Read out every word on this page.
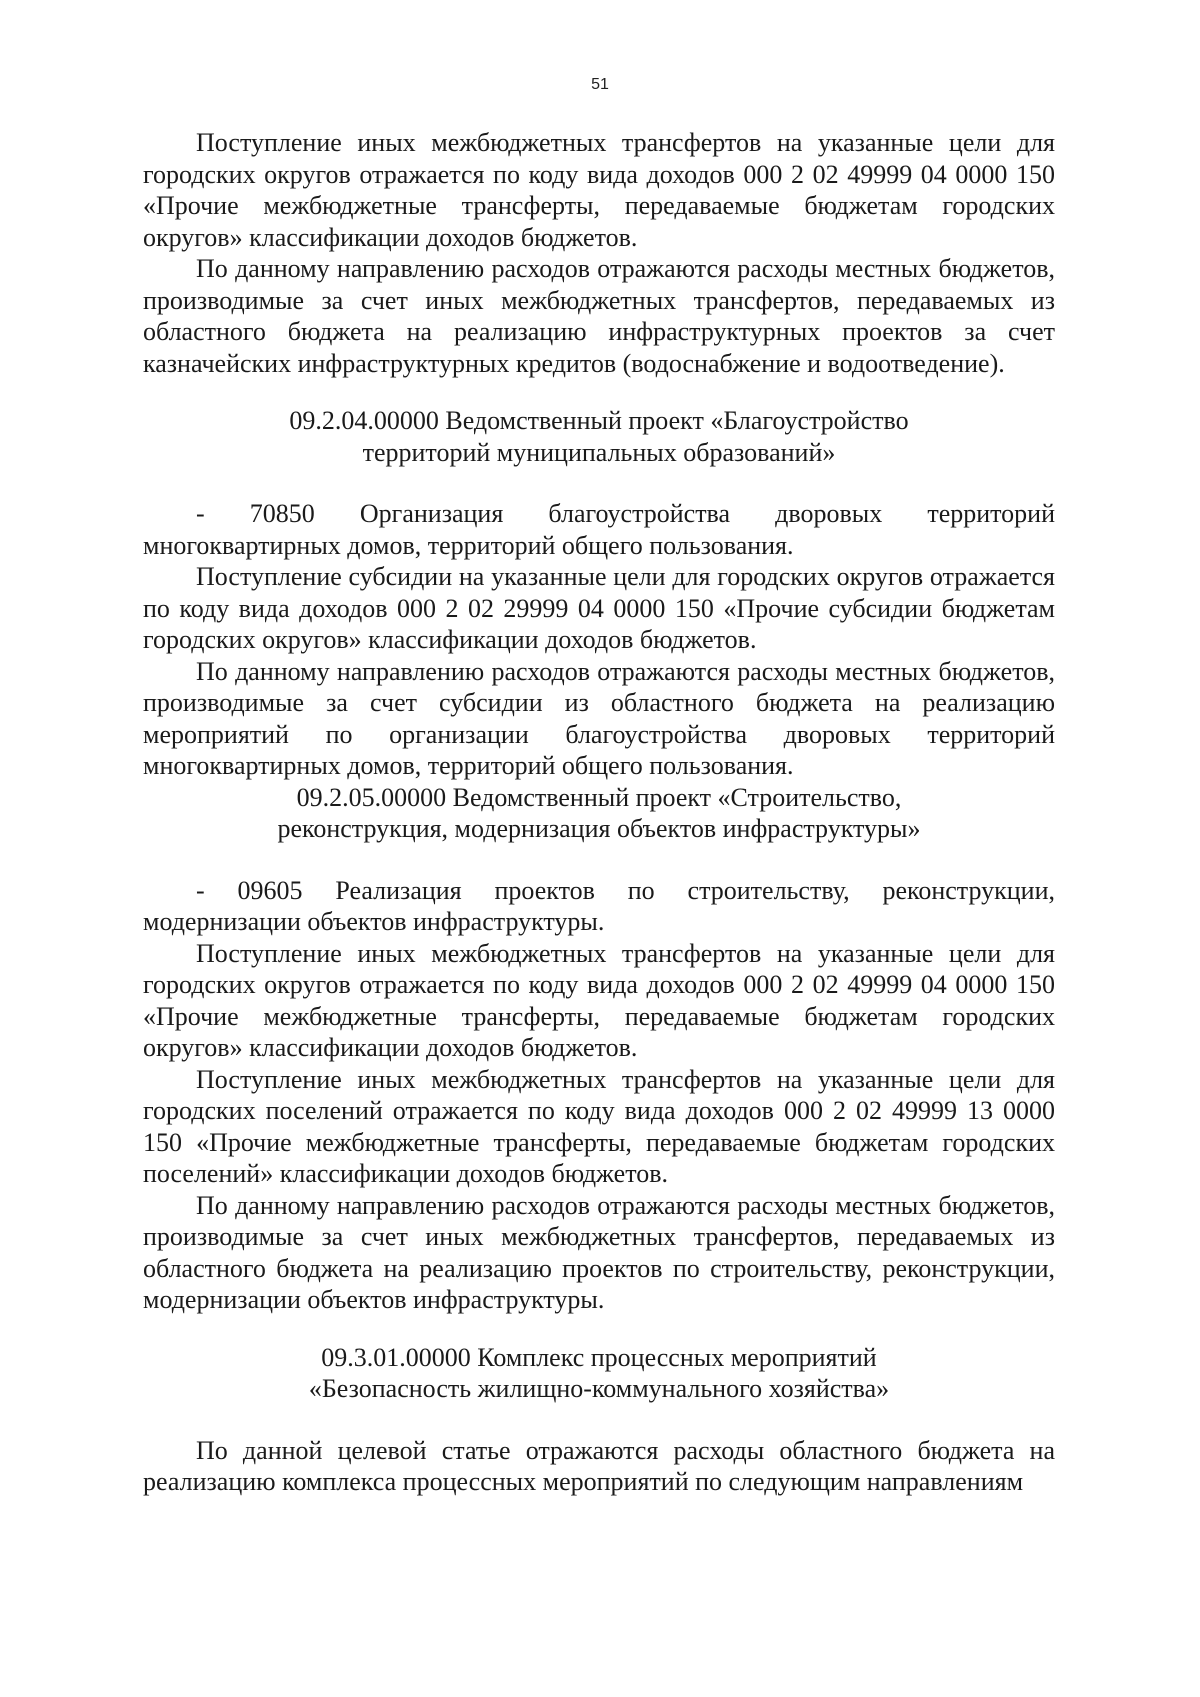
51

Поступление иных межбюджетных трансфертов на указанные цели для городских округов отражается по коду вида доходов 000 2 02 49999 04 0000 150 «Прочие межбюджетные трансферты, передаваемые бюджетам городских округов» классификации доходов бюджетов.

По данному направлению расходов отражаются расходы местных бюджетов, производимые за счет иных межбюджетных трансфертов, передаваемых из областного бюджета на реализацию инфраструктурных проектов за счет казначейских инфраструктурных кредитов (водоснабжение и водоотведение).

09.2.04.00000 Ведомственный проект «Благоустройство
территорий муниципальных образований»

- 70850 Организация благоустройства дворовых территорий многоквартирных домов, территорий общего пользования.

Поступление субсидии на указанные цели для городских округов отражается по коду вида доходов 000 2 02 29999 04 0000 150 «Прочие субсидии бюджетам городских округов» классификации доходов бюджетов.

По данному направлению расходов отражаются расходы местных бюджетов, производимые за счет субсидии из областного бюджета на реализацию мероприятий по организации благоустройства дворовых территорий многоквартирных домов, территорий общего пользования.

09.2.05.00000 Ведомственный проект «Строительство,
реконструкция, модернизация объектов инфраструктуры»

- 09605 Реализация проектов по строительству, реконструкции, модернизации объектов инфраструктуры.

Поступление иных межбюджетных трансфертов на указанные цели для городских округов отражается по коду вида доходов 000 2 02 49999 04 0000 150 «Прочие межбюджетные трансферты, передаваемые бюджетам городских округов» классификации доходов бюджетов.

Поступление иных межбюджетных трансфертов на указанные цели для городских поселений отражается по коду вида доходов 000 2 02 49999 13 0000 150 «Прочие межбюджетные трансферты, передаваемые бюджетам городских поселений» классификации доходов бюджетов.

По данному направлению расходов отражаются расходы местных бюджетов, производимые за счет иных межбюджетных трансфертов, передаваемых из областного бюджета на реализацию проектов по строительству, реконструкции, модернизации объектов инфраструктуры.

09.3.01.00000 Комплекс процессных мероприятий
«Безопасность жилищно-коммунального хозяйства»

По данной целевой статье отражаются расходы областного бюджета на реализацию комплекса процессных мероприятий по следующим направлениям
